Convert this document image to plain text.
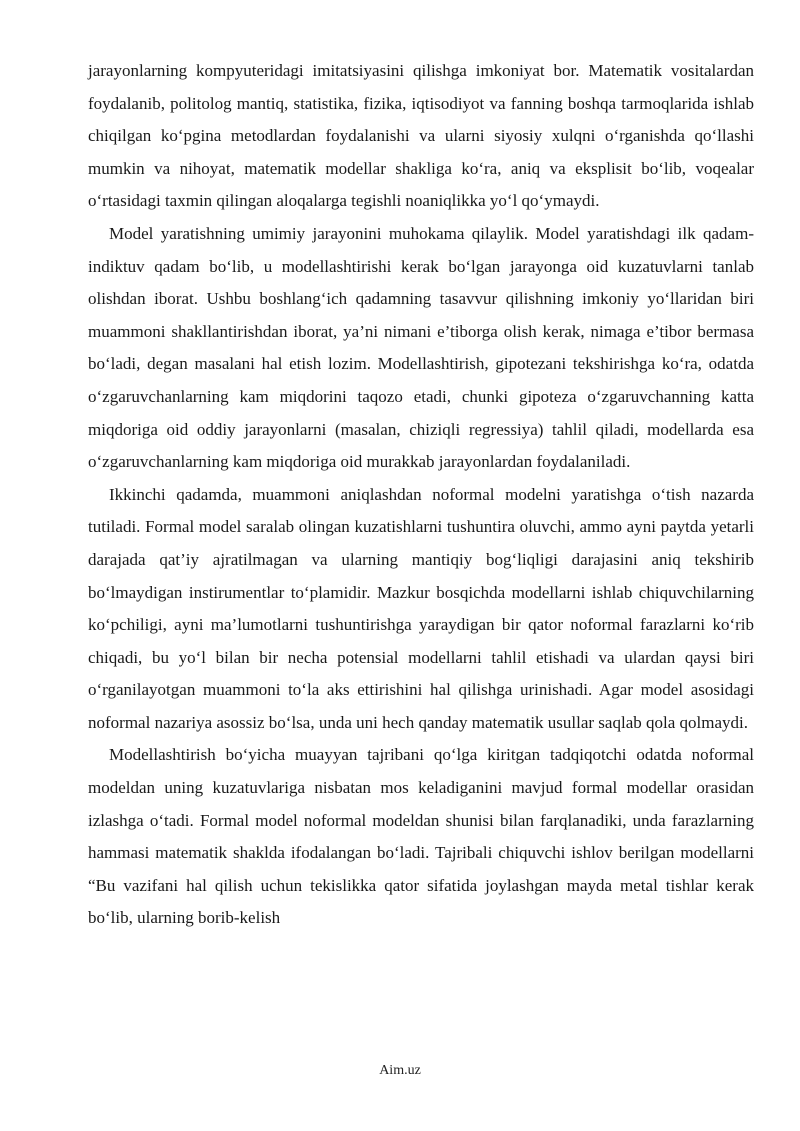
jarayonlarning kompyuteridagi imitatsiyasini qilishga imkoniyat bor. Matematik vositalardan foydalanib, politolog mantiq, statistika, fizika, iqtisodiyot va fanning boshqa tarmoqlarida ishlab chiqilgan ko‘pgina metodlardan foydalanishi va ularni siyosiy xulqni o‘rganishda qo‘llashi mumkin va nihoyat, matematik modellar shakliga ko‘ra, aniq va eksplisit bo‘lib, voqealar o‘rtasidagi taxmin qilingan aloqalarga tegishli noaniqlikka yo‘l qo‘ymaydi.

Model yaratishning umimiy jarayonini muhokama qilaylik. Model yaratishdagi ilk qadam-indiktuv qadam bo‘lib, u modellashtirishi kerak bo‘lgan jarayonga oid kuzatuvlarni tanlab olishdan iborat. Ushbu boshlang‘ich qadamning tasavvur qilishning imkoniy yo‘llaridan biri muammoni shakllantirishdan iborat, ya’ni nimani e’tiborga olish kerak, nimaga e’tibor bermasa bo‘ladi, degan masalani hal etish lozim. Modellashtirish, gipotezani tekshirishga ko‘ra, odatda o‘zgaruvchanlarning kam miqdorini taqozo etadi, chunki gipoteza o‘zgaruvchanning katta miqdoriga oid oddiy jarayonlarni (masalan, chiziqli regressiya) tahlil qiladi, modellarda esa o‘zgaruvchanlarning kam miqdoriga oid murakkab jarayonlardan foydalaniladi.

Ikkinchi qadamda, muammoni aniqlashdan noformal modelni yaratishga o‘tish nazarda tutiladi. Formal model saralab olingan kuzatishlarni tushuntira oluvchi, ammo ayni paytda yetarli darajada qat’iy ajratilmagan va ularning mantiqiy bog‘liqligi darajasini aniq tekshirib bo‘lmaydigan instirumentlar to‘plamidir. Mazkur bosqichda modellarni ishlab chiquvchilarning ko‘pchiligi, ayni ma’lumotlarni tushuntirishga yaraydigan bir qator noformal farazlarni ko‘rib chiqadi, bu yo‘l bilan bir necha potensial modellarni tahlil etishadi va ulardan qaysi biri o‘rganilayotgan muammoni to‘la aks ettirishini hal qilishga urinishadi. Agar model asosidagi noformal nazariya asossiz bo‘lsa, unda uni hech qanday matematik usullar saqlab qola qolmaydi.

Modellashtirish bo‘yicha muayyan tajribani qo‘lga kiritgan tadqiqotchi odatda noformal modeldan uning kuzatuvlariga nisbatan mos keladiganini mavjud formal modellar orasidan izlashga o‘tadi. Formal model noformal modeldan shunisi bilan farqlanadiki, unda farazlarning hammasi matematik shaklda ifodalangan bo‘ladi. Tajribali chiquvchi ishlov berilgan modellarni “Bu vazifani hal qilish uchun tekislikka qator sifatida joylashgan mayda metal tishlar kerak bo‘lib, ularning borib-kelish

Aim.uz
